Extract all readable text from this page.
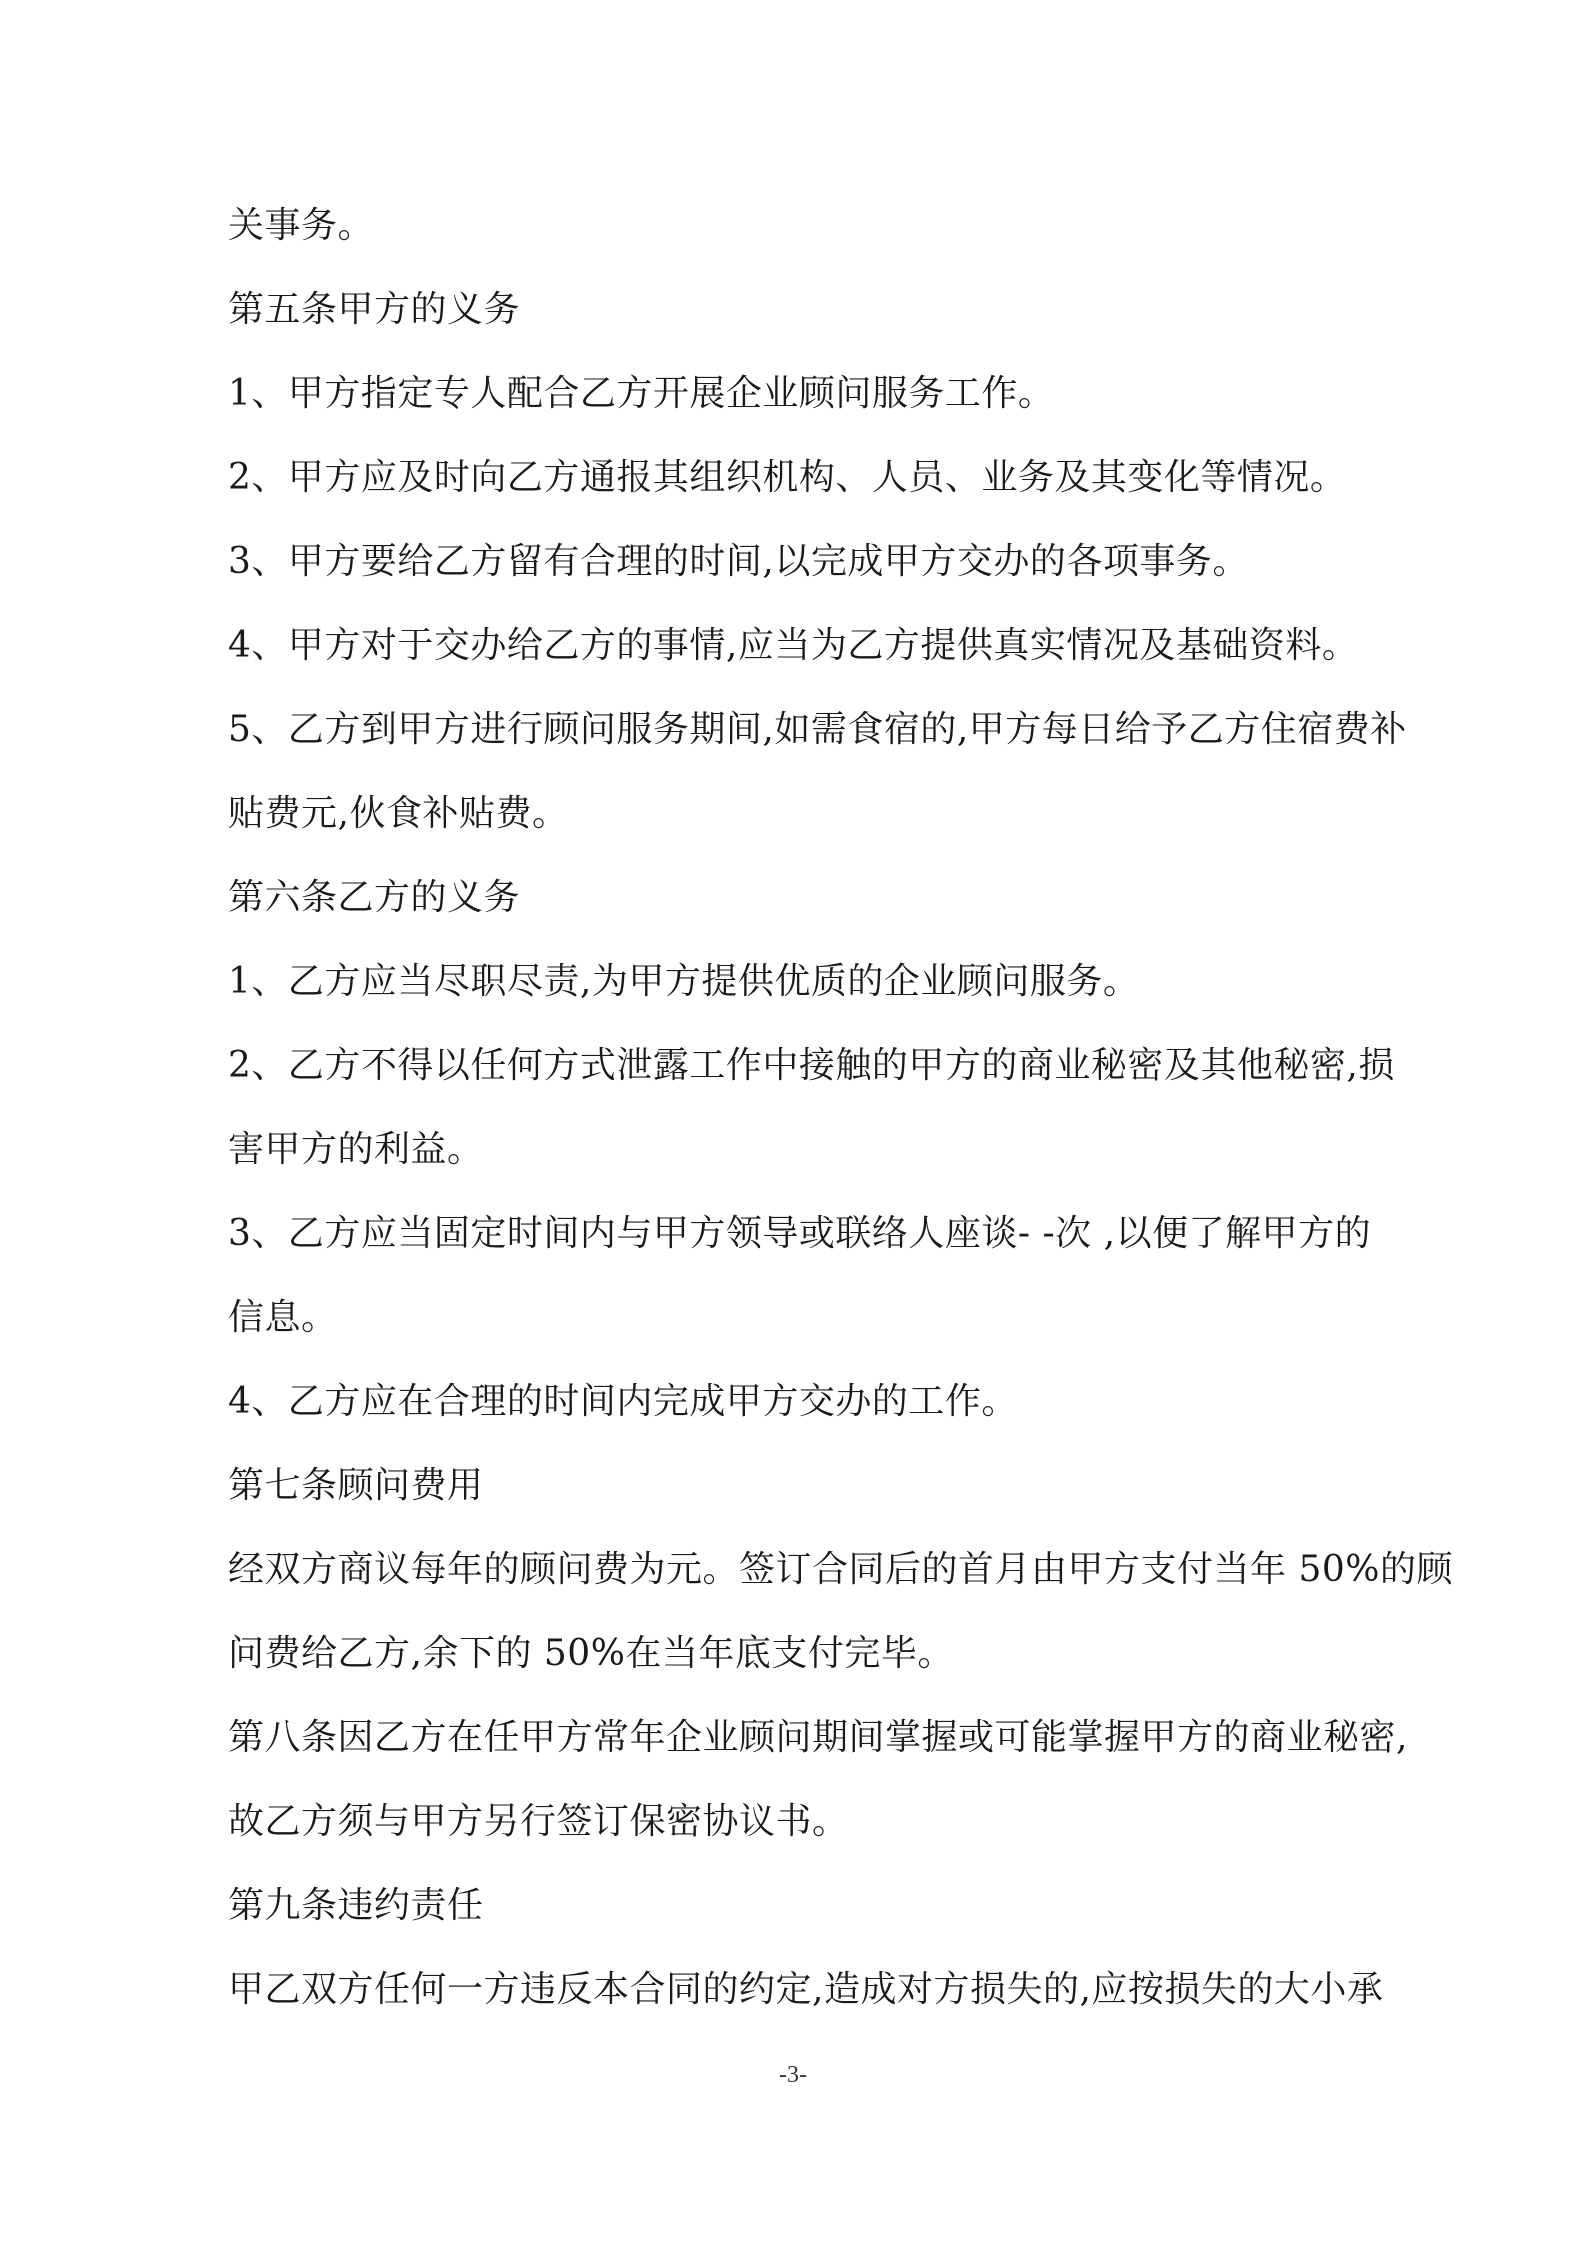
关事务。
第五条甲方的义务
1、甲方指定专人配合乙方开展企业顾问服务工作。
2、甲方应及时向乙方通报其组织机构、人员、业务及其变化等情况。
3、甲方要给乙方留有合理的时间,以完成甲方交办的各项事务。
4、甲方对于交办给乙方的事情,应当为乙方提供真实情况及基础资料。
5、乙方到甲方进行顾问服务期间,如需食宿的,甲方每日给予乙方住宿费补
贴费元,伙食补贴费。
第六条乙方的义务
1、乙方应当尽职尽责,为甲方提供优质的企业顾问服务。
2、乙方不得以任何方式泄露工作中接触的甲方的商业秘密及其他秘密,损
害甲方的利益。
3、乙方应当固定时间内与甲方领导或联络人座谈- -次 ,以便了解甲方的
信息。
4、乙方应在合理的时间内完成甲方交办的工作。
第七条顾问费用
经双方商议每年的顾问费为元。签订合同后的首月由甲方支付当年 50%的顾
问费给乙方,余下的 50%在当年底支付完毕。
第八条因乙方在任甲方常年企业顾问期间掌握或可能掌握甲方的商业秘密,
故乙方须与甲方另行签订保密协议书。
第九条违约责任
甲乙双方任何一方违反本合同的约定,造成对方损失的,应按损失的大小承
-3-
